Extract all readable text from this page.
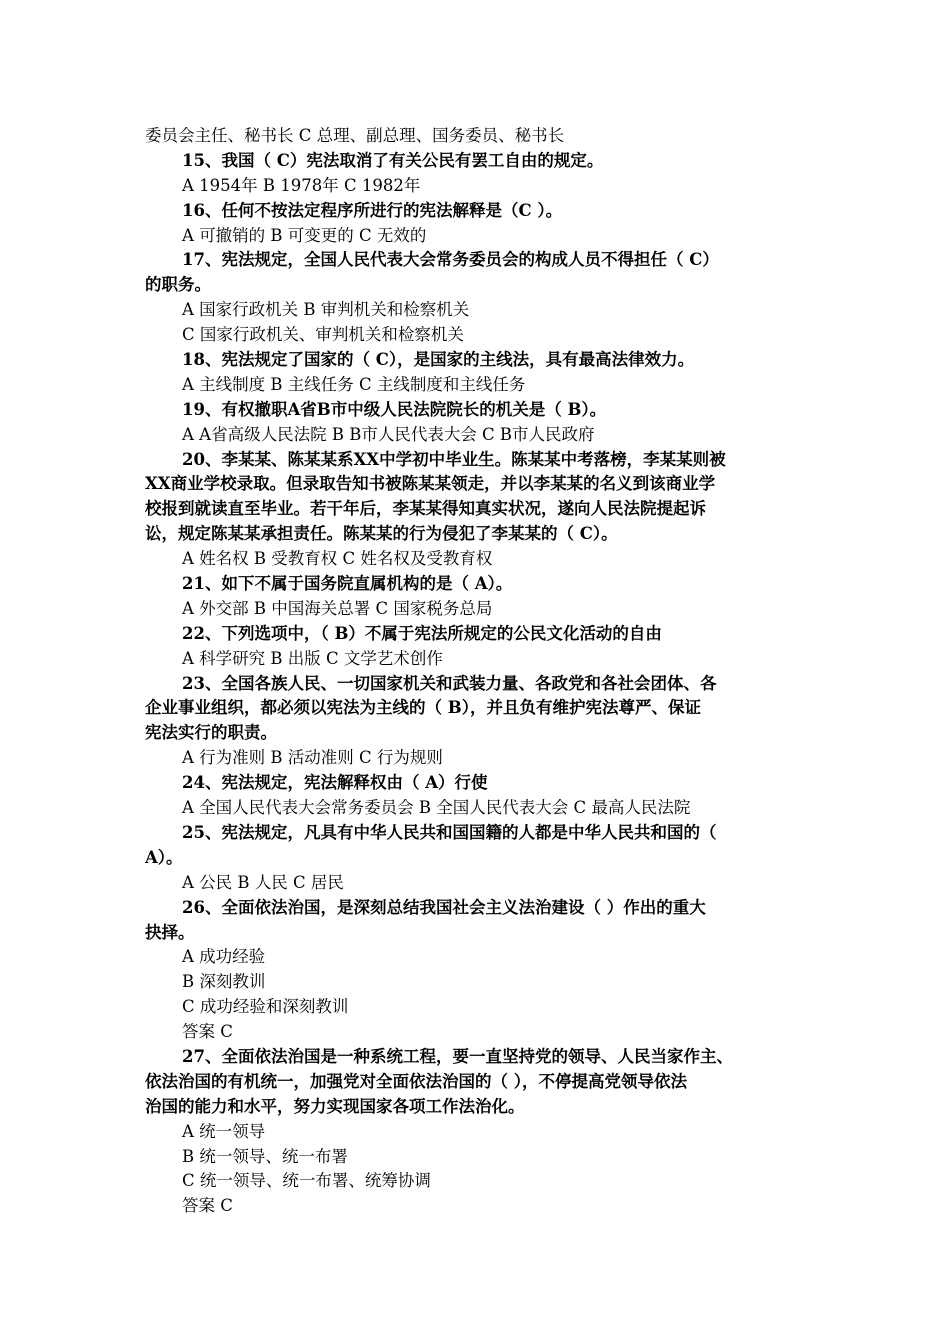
委员会主任、秘书长 C 总理、副总理、国务委员、秘书长
15、我国（ C）宪法取消了有关公民有罢工自由的规定。
A 1954年 B 1978年 C 1982年
16、任何不按法定程序所进行的宪法解释是（C ）。
A 可撤销的 B 可变更的 C 无效的
17、宪法规定，全国人民代表大会常务委员会的构成人员不得担任（ C）
的职务。
A 国家行政机关 B 审判机关和检察机关
C 国家行政机关、审判机关和检察机关
18、宪法规定了国家的（ C），是国家的主线法，具有最高法律效力。
A 主线制度 B 主线任务 C 主线制度和主线任务
19、有权撤职A省B市中级人民法院院长的机关是（ B）。
A A省高级人民法院 B B市人民代表大会 C B市人民政府
20、李某某、陈某某系XX中学初中毕业生。陈某某中考落榜，李某某则被
XX商业学校录取。但录取告知书被陈某某领走，并以李某某的名义到该商业学
校报到就读直至毕业。若干年后，李某某得知真实状况，遂向人民法院提起诉
讼，规定陈某某承担责任。陈某某的行为侵犯了李某某的（ C）。
A 姓名权 B 受教育权 C 姓名权及受教育权
21、如下不属于国务院直属机构的是（ A）。
A 外交部 B 中国海关总署 C 国家税务总局
22、下列选项中，（ B）不属于宪法所规定的公民文化活动的自由
A 科学研究 B 出版 C 文学艺术创作
23、全国各族人民、一切国家机关和武装力量、各政党和各社会团体、各
企业事业组织，都必须以宪法为主线的（ B），并且负有维护宪法尊严、保证
宪法实行的职责。
A 行为准则 B 活动准则 C 行为规则
24、宪法规定，宪法解释权由（ A）行使
A 全国人民代表大会常务委员会 B 全国人民代表大会 C 最高人民法院
25、宪法规定，凡具有中华人民共和国国籍的人都是中华人民共和国的（
A）。
A 公民 B 人民 C 居民
26、全面依法治国，是深刻总结我国社会主义法治建设（ ）作出的重大
抉择。
A 成功经验
B 深刻教训
C 成功经验和深刻教训
答案 C
27、全面依法治国是一种系统工程，要一直坚持党的领导、人民当家作主、
依法治国的有机统一，加强党对全面依法治国的（ ），不停提高党领导依法
治国的能力和水平，努力实现国家各项工作法治化。
A 统一领导
B 统一领导、统一布署
C 统一领导、统一布署、统筹协调
答案 C
